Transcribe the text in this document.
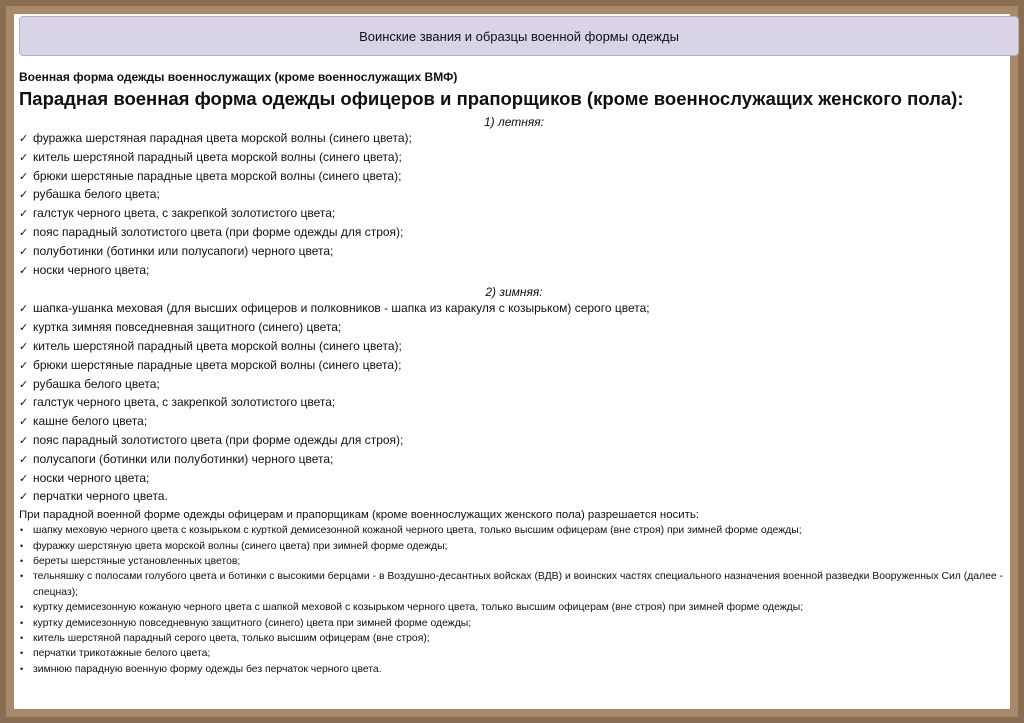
Воинские звания и образцы военной формы одежды
Военная форма одежды военнослужащих (кроме военнослужащих ВМФ)
Парадная военная форма одежды офицеров и прапорщиков (кроме военнослужащих женского пола):
1) летняя:
✓ фуражка шерстяная парадная цвета морской волны (синего цвета);
✓ китель шерстяной парадный цвета морской волны (синего цвета);
✓ брюки шерстяные парадные цвета морской волны (синего цвета);
✓ рубашка белого цвета;
✓ галстук черного цвета, с закрепкой золотистого цвета;
✓ пояс парадный золотистого цвета (при форме одежды для строя);
✓ полуботинки (ботинки или полусапоги) черного цвета;
✓ носки черного цвета;
2) зимняя:
✓ шапка-ушанка меховая (для высших офицеров и полковников - шапка из каракуля с козырьком) серого цвета;
✓ куртка зимняя повседневная защитного (синего) цвета;
✓ китель шерстяной парадный цвета морской волны (синего цвета);
✓ брюки шерстяные парадные цвета морской волны (синего цвета);
✓ рубашка белого цвета;
✓ галстук черного цвета, с закрепкой золотистого цвета;
✓ кашне белого цвета;
✓ пояс парадный золотистого цвета (при форме одежды для строя);
✓ полусапоги (ботинки или полуботинки) черного цвета;
✓ носки черного цвета;
✓ перчатки черного цвета.
При парадной военной форме одежды офицерам и прапорщикам (кроме военнослужащих женского пола) разрешается носить:
• шапку меховую черного цвета с козырьком с курткой демисезонной кожаной черного цвета, только высшим офицерам (вне строя) при зимней форме одежды;
• фуражку шерстяную цвета морской волны (синего цвета) при зимней форме одежды;
• береты шерстяные установленных цветов;
• тельняшку с полосами голубого цвета и ботинки с высокими берцами - в Воздушно-десантных войсках (ВДВ) и воинских частях специального назначения военной разведки Вооруженных Сил (далее - спецназ);
• куртку демисезонную кожаную черного цвета с шапкой меховой с козырьком черного цвета, только высшим офицерам (вне строя) при зимней форме одежды;
• куртку демисезонную повседневную защитного (синего) цвета при зимней форме одежды;
• китель шерстяной парадный серого цвета, только высшим офицерам (вне строя);
• перчатки трикотажные белого цвета;
• зимнюю парадную военную форму одежды без перчаток черного цвета.
